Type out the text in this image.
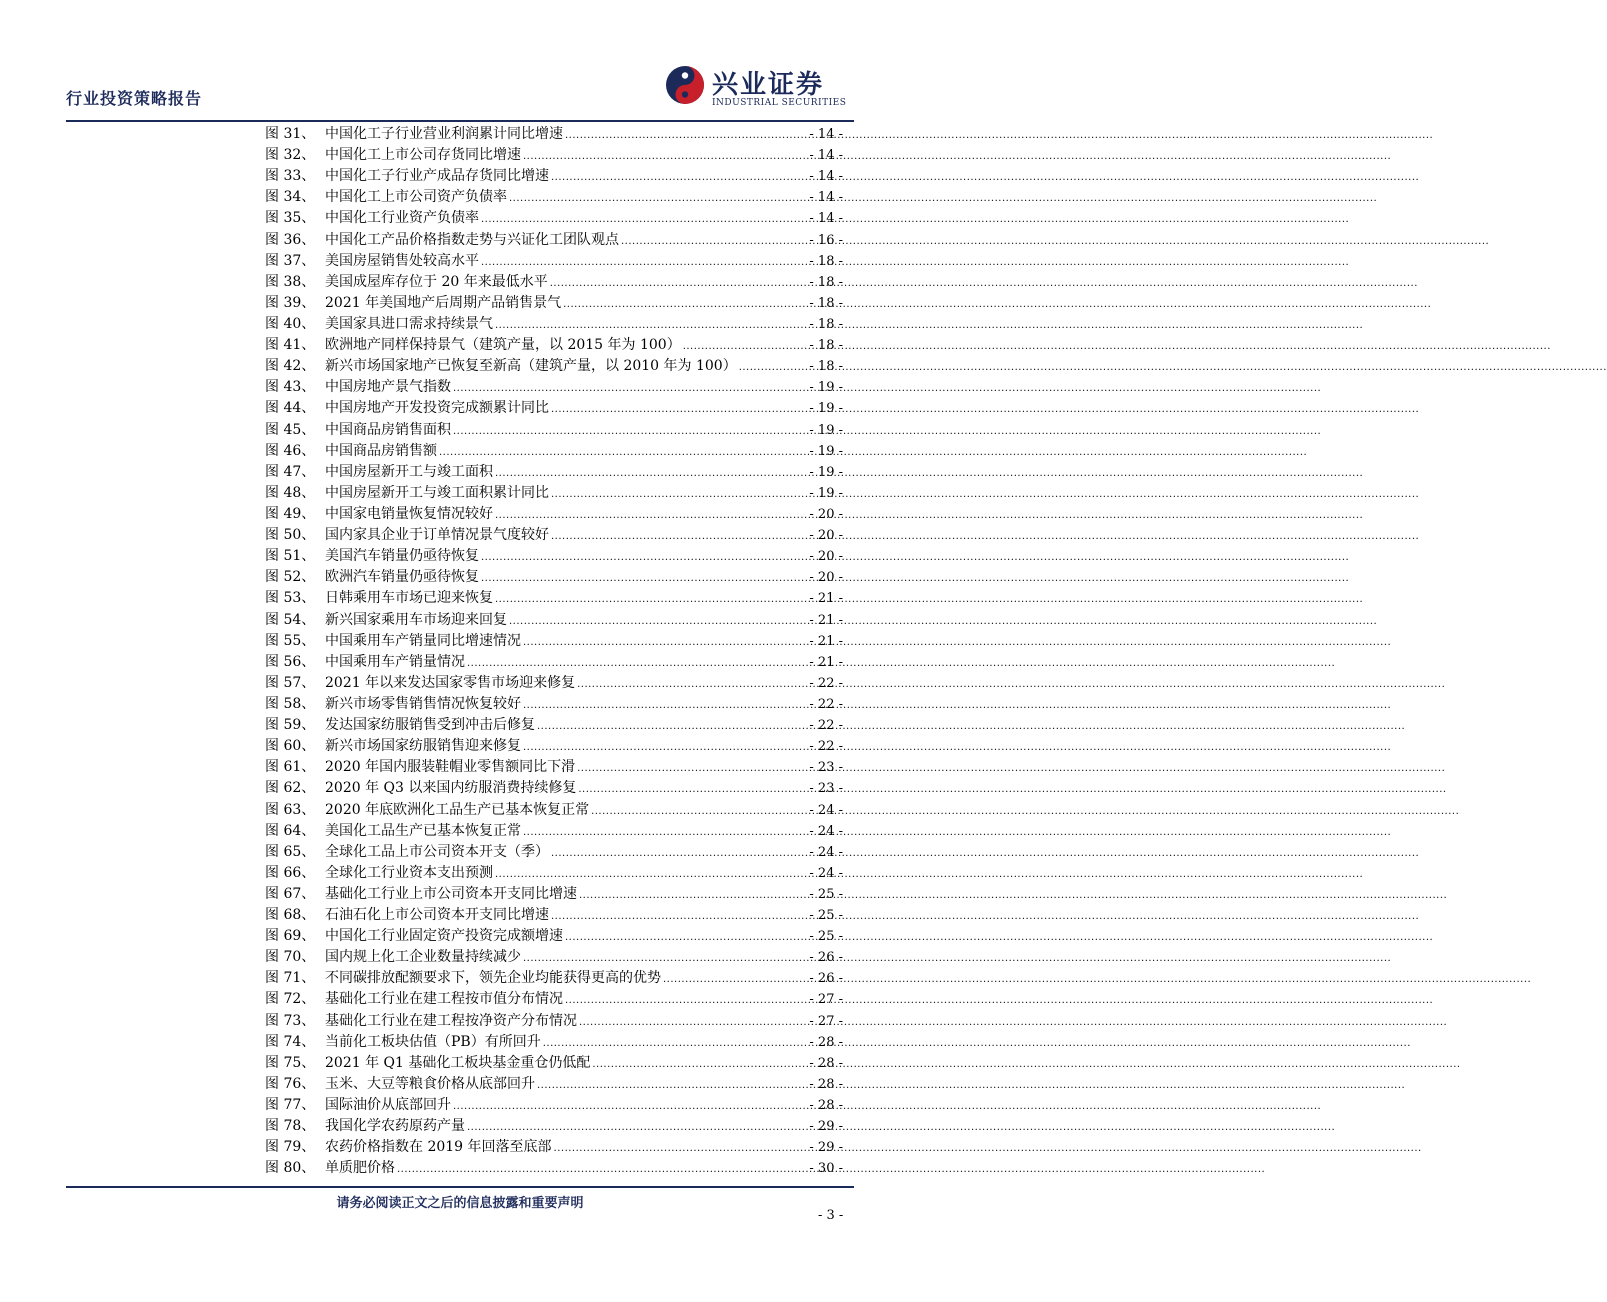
行业投资策略报告	兴业证券
INDUSTRIAL SECURITIES
图 31、 中国化工子行业营业利润累计同比增速 .....	- 14 -
图 32、 中国化工上市公司存货同比增速 .....	- 14 -
图 33、 中国化工子行业产成品存货同比增速 .....	- 14 -
图 34、 中国化工上市公司资产负债率 .....	- 14 -
图 35、 中国化工行业资产负债率 .....	- 14 -
图 36、 中国化工产品价格指数走势与兴证化工团队观点 .....	- 16 -
图 37、 美国房屋销售处较高水平 .....	- 18 -
图 38、 美国成屋库存位于 20 年来最低水平 .....	- 18 -
图 39、 2021 年美国地产后周期产品销售景气 .....	- 18 -
图 40、 美国家具进口需求持续景气 .....	- 18 -
图 41、 欧洲地产同样保持景气（建筑产量，以 2015 年为 100） .....	- 18 -
图 42、 新兴市场国家地产已恢复至新高（建筑产量，以 2010 年为 100） .....	- 18 -
图 43、 中国房地产景气指数 .....	- 19 -
图 44、 中国房地产开发投资完成额累计同比 .....	- 19 -
图 45、 中国商品房销售面积 .....	- 19 -
图 46、 中国商品房销售额 .....	- 19 -
图 47、 中国房屋新开工与竣工面积 .....	- 19 -
图 48、 中国房屋新开工与竣工面积累计同比 .....	- 19 -
图 49、 中国家电销量恢复情况较好 .....	- 20 -
图 50、 国内家具企业于订单情况景气度较好 .....	- 20 -
图 51、 美国汽车销量仍亟待恢复 .....	- 20 -
图 52、 欧洲汽车销量仍亟待恢复 .....	- 20 -
图 53、 日韩乘用车市场已迎来恢复 .....	- 21 -
图 54、 新兴国家乘用车市场迎来回复 .....	- 21 -
图 55、 中国乘用车产销量同比增速情况 .....	- 21 -
图 56、 中国乘用车产销量情况 .....	- 21 -
图 57、 2021 年以来发达国家零售市场迎来修复 .....	- 22 -
图 58、 新兴市场零售销售情况恢复较好 .....	- 22 -
图 59、 发达国家纺服销售受到冲击后修复 .....	- 22 -
图 60、 新兴市场国家纺服销售迎来修复 .....	- 22 -
图 61、 2020 年国内服装鞋帽业零售额同比下滑 .....	- 23 -
图 62、 2020 年 Q3 以来国内纺服消费持续修复 .....	- 23 -
图 63、 2020 年底欧洲化工品生产已基本恢复正常 .....	- 24 -
图 64、 美国化工品生产已基本恢复正常 .....	- 24 -
图 65、 全球化工品上市公司资本开支（季） .....	- 24 -
图 66、 全球化工行业资本支出预测 .....	- 24 -
图 67、 基础化工行业上市公司资本开支同比增速 .....	- 25 -
图 68、 石油石化上市公司资本开支同比增速 .....	- 25 -
图 69、 中国化工行业固定资产投资完成额增速 .....	- 25 -
图 70、 国内规上化工企业数量持续减少 .....	- 26 -
图 71、 不同碳排放配额要求下，领先企业均能获得更高的优势 .....	- 26 -
图 72、 基础化工行业在建工程按市值分布情况 .....	- 27 -
图 73、 基础化工行业在建工程按净资产分布情况 .....	- 27 -
图 74、 当前化工板块估值（PB）有所回升 .....	- 28 -
图 75、 2021 年 Q1 基础化工板块基金重仓仍低配 .....	- 28 -
图 76、 玉米、大豆等粮食价格从底部回升 .....	- 28 -
图 77、 国际油价从底部回升 .....	- 28 -
图 78、 我国化学农药原药产量 .....	- 29 -
图 79、 农药价格指数在 2019 年回落至底部 .....	- 29 -
图 80、 单质肥价格 .....	- 30 -
请务必阅读正文之后的信息披露和重要声明
- 3 -
